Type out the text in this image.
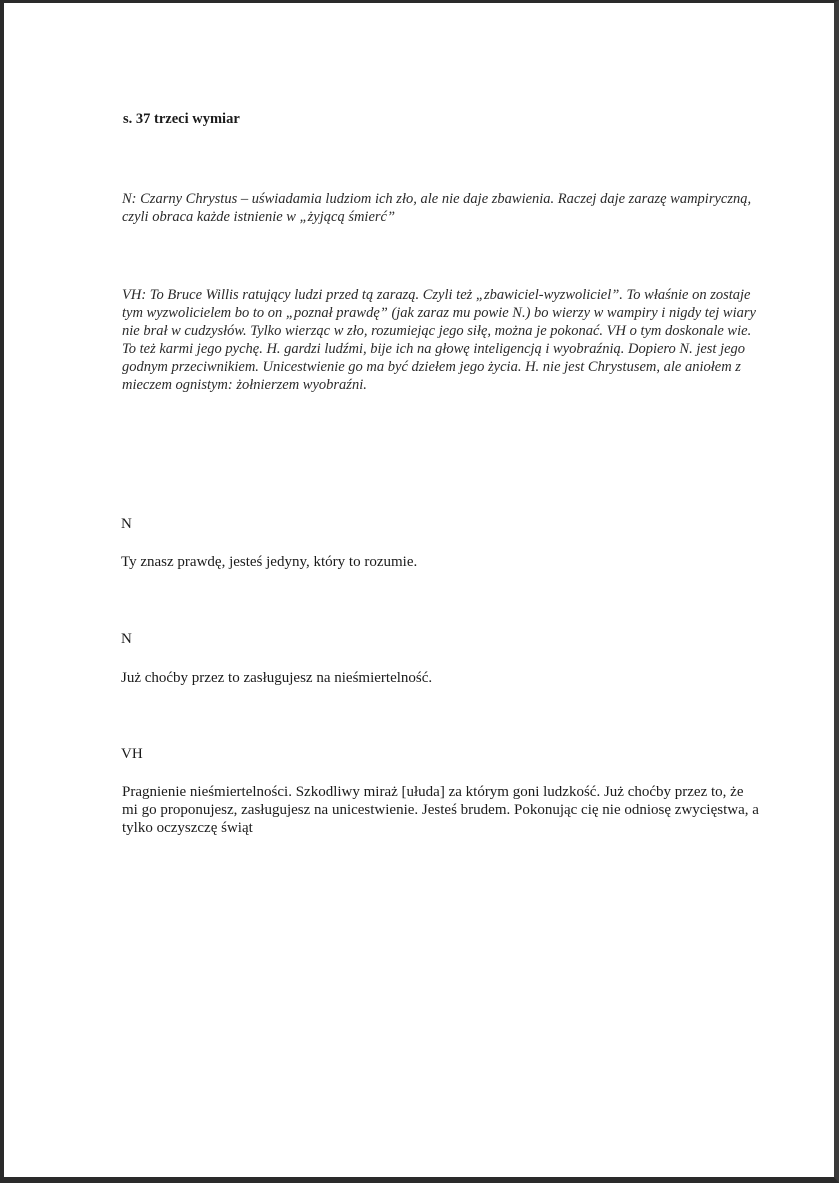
s. 37 trzeci wymiar

N: Czarny Chrystus – uświadamia ludziom ich zło, ale nie daje zbawienia. Raczej daje zarazę wampiryczną, czyli obraca każde istnienie w „żyjącą śmierć”

VH: To Bruce Willis ratujący ludzi przed tą zarazą. Czyli też „zbawiciel-wyzwoliciel”. To właśnie on zostaje tym wyzwolicielem bo to on „poznał prawdę” (jak zaraz mu powie N.) bo wierzy w wampiry i nigdy tej wiary nie brał w cudzysłów. Tylko wierząc w zło, rozumiejąc jego siłę, można je pokonać. VH o tym doskonale wie. To też karmi jego pychę. H. gardzi ludźmi, bije ich na głowę inteligencją i wyobraźnią. Dopiero N. jest jego godnym przeciwnikiem. Unicestwienie go ma być dziełem jego życia. H. nie jest Chrystusem, ale aniołem z mieczem ognistym: żołnierzem wyobraźni.

N
Ty znasz prawdę, jesteś jedyny, który to rozumie.
N
Już choćby przez to zasługujesz na nieśmiertelność.
VH

Pragnienie nieśmiertelności. Szkodliwy miraż [ułuda] za którym goni ludzkość. Już choćby przez to, że mi go proponujesz, zasługujesz na unicestwienie. Jesteś brudem. Pokonując cię nie odniosę zwycięstwa, a tylko oczyszczę świąt
